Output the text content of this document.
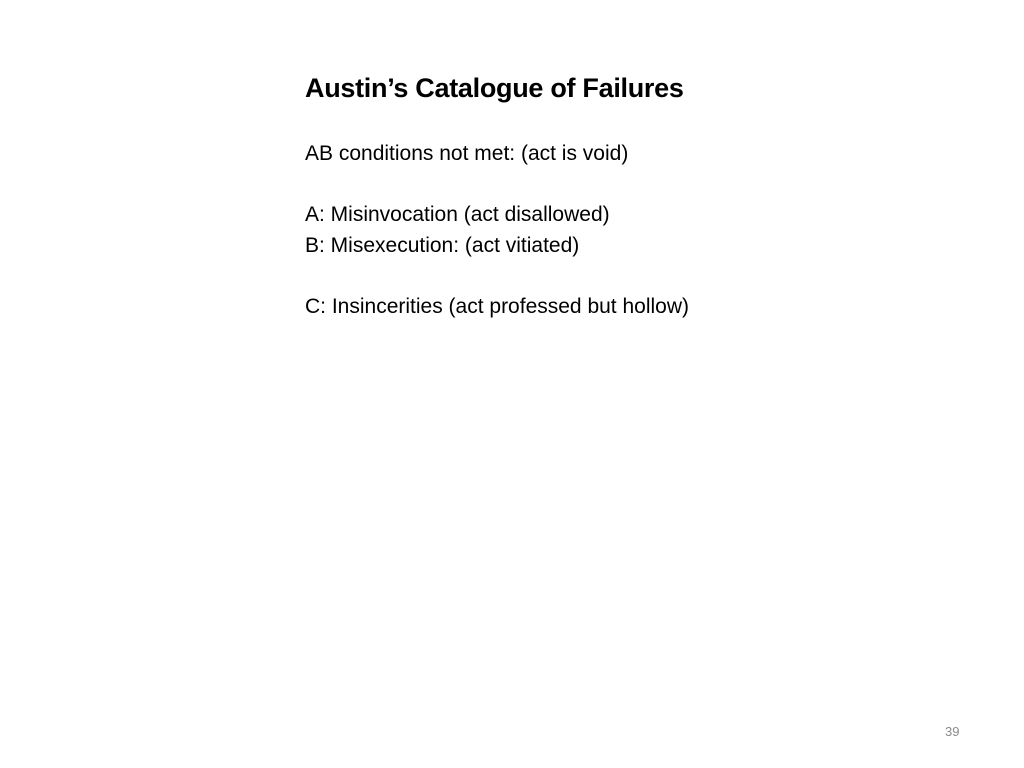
Austin’s Catalogue of Failures
AB conditions not met: (act is void)
A: Misinvocation (act disallowed)
B: Misexecution: (act vitiated)
C: Insincerities (act professed but hollow)
39
